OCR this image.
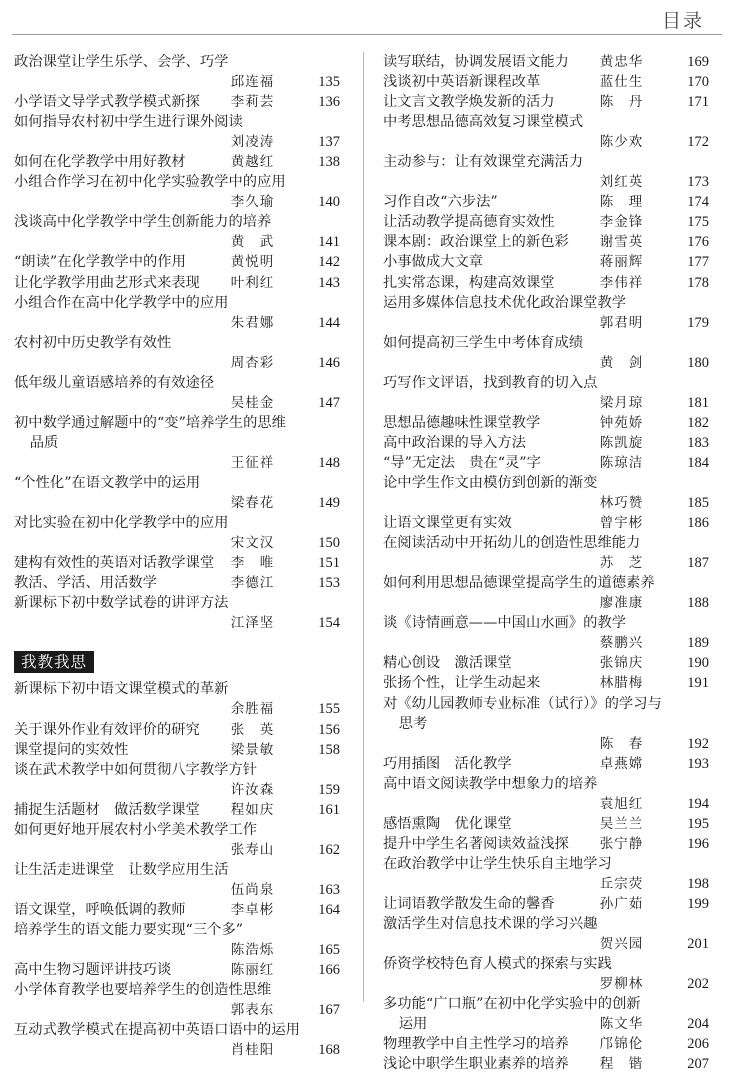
目录
政治课堂让学生乐学、会学、巧学
邱连福	135
小学语文导学式教学模式新探	李莉芸	136
如何指导农村初中学生进行课外阅读
刘凌涛	137
如何在化学教学中用好教材	黄越红	138
小组合作学习在初中化学实验教学中的应用
李久瑜	140
浅谈高中化学教学中学生创新能力的培养
黄　武	141
“朗读”在化学教学中的作用	黄悦明	142
让化学教学用曲艺形式来表现	叶利红	143
小组合作在高中化学教学中的应用
朱君娜	144
农村初中历史教学有效性
周杏彩	146
低年级儿童语感培养的有效途径
吴桂金	147
初中数学通过解题中的“变”培养学生的思维
品质
王征祥	148
“个性化”在语文教学中的运用
梁春花	149
对比实验在初中化学教学中的应用
宋文汉	150
建构有效性的英语对话教学课堂	李　唯	151
教活、学活、用活数学	李德江	153
新课标下初中数学试卷的讲评方法
江泽坚	154
我教我思
新课标下初中语文课堂模式的革新
余胜福	155
关于课外作业有效评价的研究	张　英	156
课堂提问的实效性	梁景敏	158
谈在武术教学中如何贯彻八字教学方针
许汝森	159
捕捉生活题材　做活数学课堂	程如庆	161
如何更好地开展农村小学美术教学工作
张寿山	162
让生活走进课堂　让数学应用生活
伍尚泉	163
语文课堂，呼唤低调的教师	李卓彬	164
培养学生的语文能力要实现“三个多”
陈浩烁	165
高中生物习题评讲技巧谈	陈丽红	166
小学体育教学也要培养学生的创造性思维
郭表东	167
互动式教学模式在提高初中英语口语中的运用
肖桂阳	168
读写联结，协调发展语文能力	黄忠华	169
浅谈初中英语新课程改革	蓝仕生	170
让文言文教学焕发新的活力	陈　丹	171
中考思想品德高效复习课堂模式
陈少欢	172
主动参与：让有效课堂充满活力
刘红英	173
习作自改“六步法”	陈　理	174
让活动教学提高德育实效性	李金锋	175
课本剧：政治课堂上的新色彩	谢雪英	176
小事做成大文章	蒋丽辉	177
扎实常态课，构建高效课堂	李伟祥	178
运用多媒体信息技术优化政治课堂教学
郭君明	179
如何提高初三学生中考体育成绩
黄　剑	180
巧写作文评语，找到教育的切入点
梁月琼	181
思想品德趣味性课堂教学	钟苑娇	182
高中政治课的导入方法	陈凯旋	183
“导”无定法　贵在“灵”字	陈琼洁	184
论中学生作文由模仿到创新的渐变
林巧赞	185
让语文课堂更有实效	曾宇彬	186
在阅读活动中开拓幼儿的创造性思维能力
苏　芝	187
如何利用思想品德课堂提高学生的道德素养
廖准康	188
谈《诗情画意——中国山水画》的教学
蔡鹏兴	189
精心创设　激活课堂	张锦庆	190
张扬个性，让学生动起来	林腊梅	191
对《幼儿园教师专业标准（试行）》的学习与
思考
陈　春	192
巧用插图　活化教学	卓燕嫦	193
高中语文阅读教学中想象力的培养
袁旭红	194
感悟熏陶　优化课堂	吴兰兰	195
提升中学生名著阅读效益浅探	张宁静	196
在政治教学中让学生快乐自主地学习
丘宗荧	198
让词语教学散发生命的馨香	孙广茹	199
激活学生对信息技术课的学习兴趣
贺兴园	201
侨资学校特色育人模式的探索与实践
罗柳林	202
多功能“广口瓶”在初中化学实验中的创新
运用	陈文华	204
物理教学中自主性学习的培养	邝锦伦	206
浅论中职学生职业素养的培养	程　锴	207
